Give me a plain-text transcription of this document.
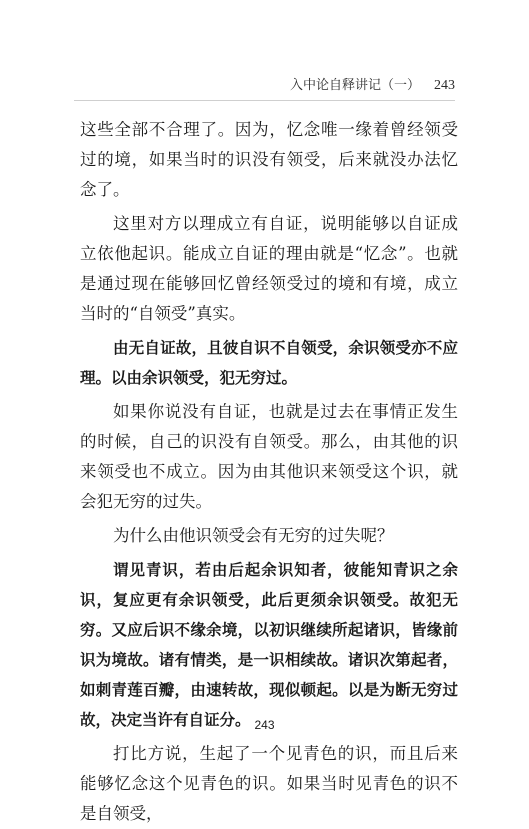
入中论自释讲记（一） 243

这些全部不合理了。因为，忆念唯一缘着曾经领受过的境，如果当时的识没有领受，后来就没办法忆念了。

这里对方以理成立有自证，说明能够以自证成立依他起识。能成立自证的理由就是“忆念”。也就是通过现在能够回忆曾经领受过的境和有境，成立当时的“自领受”真实。

由无自证故，且彼自识不自领受，余识领受亦不应理。以由余识领受，犯无穷过。

如果你说没有自证，也就是过去在事情正发生的时候，自己的识没有自领受。那么，由其他的识来领受也不成立。因为由其他识来领受这个识，就会犯无穷的过失。

为什么由他识领受会有无穷的过失呢？

谓见青识，若由后起余识知者，彼能知青识之余识，复应更有余识领受，此后更须余识领受。故犯无穷。又应后识不缘余境，以初识继续所起诸识，皆缘前识为境故。诸有情类，是一识相续故。诸识次第起者，如刺青莲百瓣，由速转故，现似顿起。以是为断无穷过故，决定当许有自证分。

打比方说，生起了一个见青色的识，而且后来能够忆念这个见青色的识。如果当时见青色的识不是自领受，

243
